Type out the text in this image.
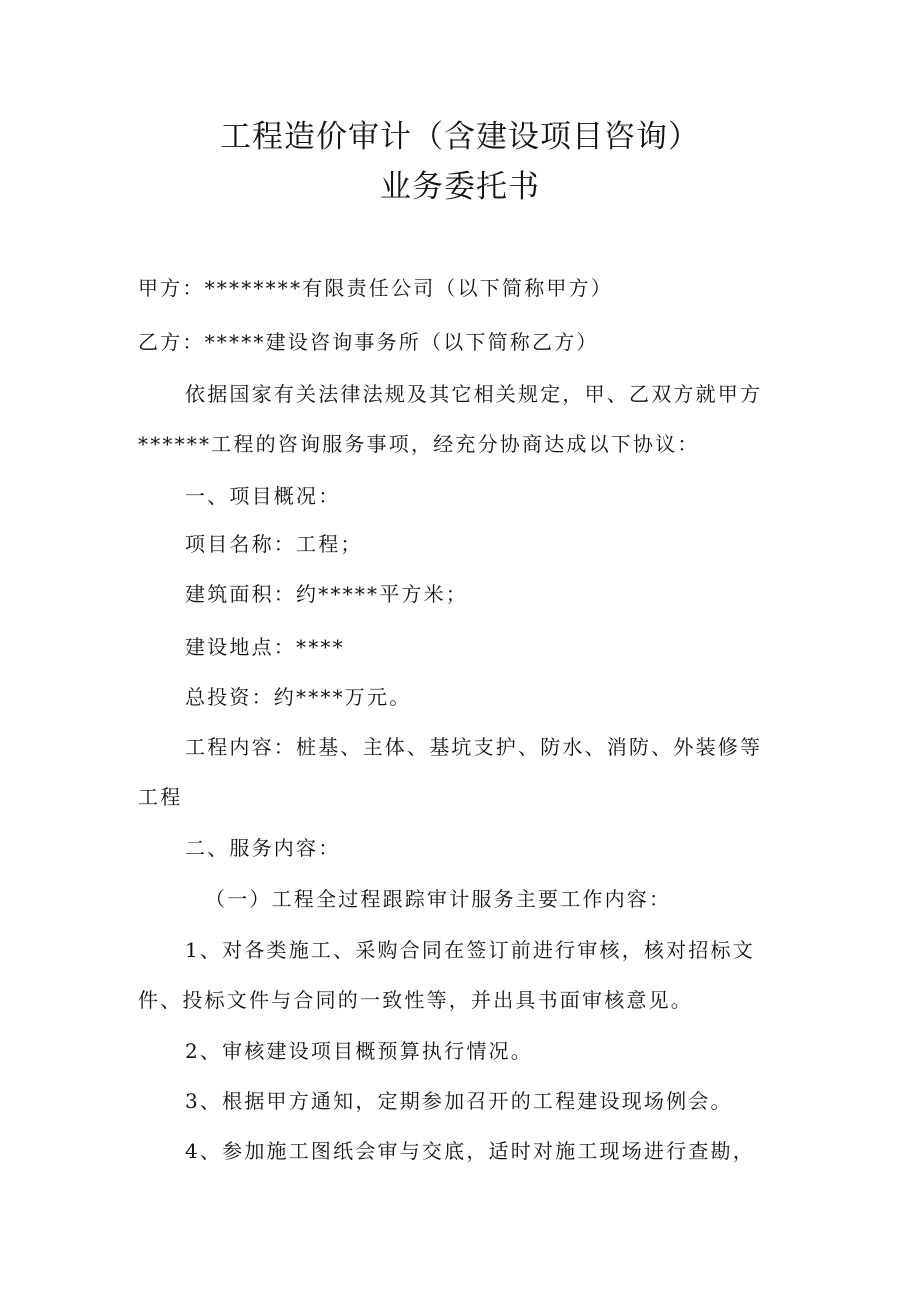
工程造价审计（含建设项目咨询）
业务委托书
甲方：********有限责任公司（以下简称甲方）
乙方：*****建设咨询事务所（以下简称乙方）
依据国家有关法律法规及其它相关规定，甲、乙双方就甲方
******工程的咨询服务事项，经充分协商达成以下协议：
一、项目概况：
项目名称：工程；
建筑面积：约*****平方米；
建设地点：****
总投资：约****万元。
工程内容：桩基、主体、基坑支护、防水、消防、外装修等
工程
二、服务内容：
（一）工程全过程跟踪审计服务主要工作内容：
1、对各类施工、采购合同在签订前进行审核，核对招标文
件、投标文件与合同的一致性等，并出具书面审核意见。
2、审核建设项目概预算执行情况。
3、根据甲方通知，定期参加召开的工程建设现场例会。
4、参加施工图纸会审与交底，适时对施工现场进行查勘，
